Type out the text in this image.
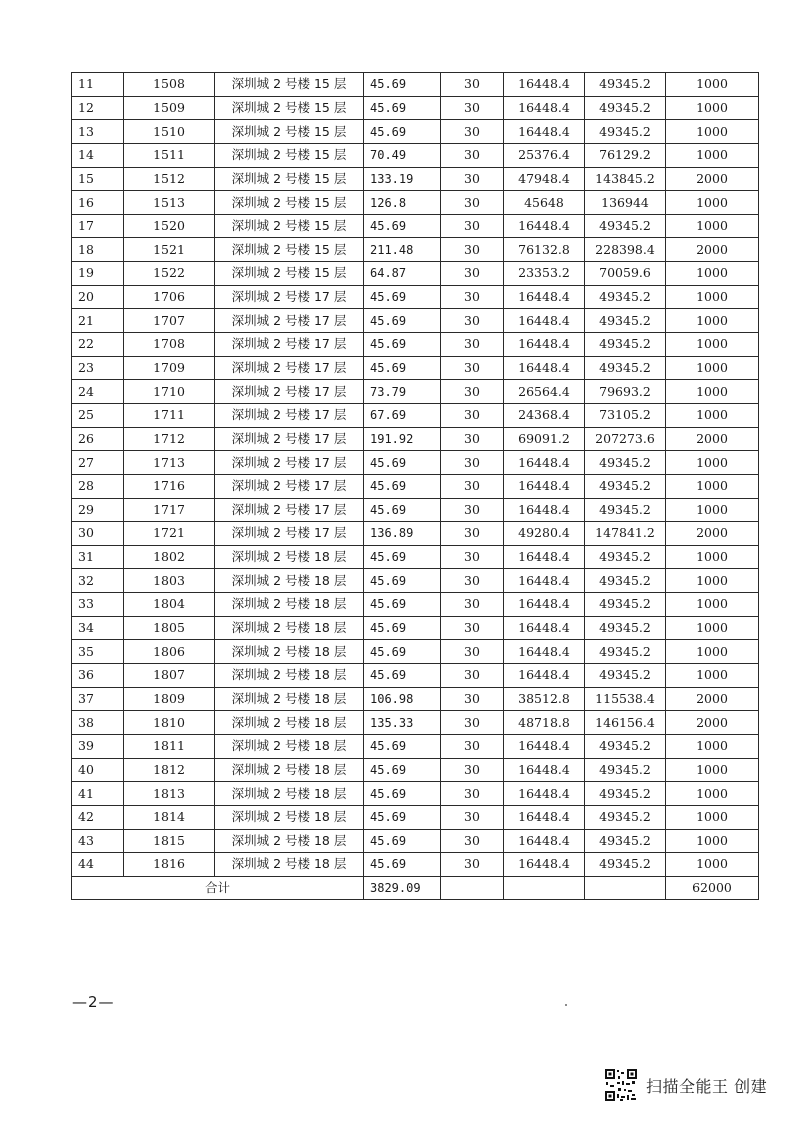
11	1508	深圳城 2 号楼 15 层	45.69	30	16448.4	49345.2	1000
12	1509	深圳城 2 号楼 15 层	45.69	30	16448.4	49345.2	1000
13	1510	深圳城 2 号楼 15 层	45.69	30	16448.4	49345.2	1000
14	1511	深圳城 2 号楼 15 层	70.49	30	25376.4	76129.2	1000
15	1512	深圳城 2 号楼 15 层	133.19	30	47948.4	143845.2	2000
16	1513	深圳城 2 号楼 15 层	126.8	30	45648	136944	1000
17	1520	深圳城 2 号楼 15 层	45.69	30	16448.4	49345.2	1000
18	1521	深圳城 2 号楼 15 层	211.48	30	76132.8	228398.4	2000
19	1522	深圳城 2 号楼 15 层	64.87	30	23353.2	70059.6	1000
20	1706	深圳城 2 号楼 17 层	45.69	30	16448.4	49345.2	1000
21	1707	深圳城 2 号楼 17 层	45.69	30	16448.4	49345.2	1000
22	1708	深圳城 2 号楼 17 层	45.69	30	16448.4	49345.2	1000
23	1709	深圳城 2 号楼 17 层	45.69	30	16448.4	49345.2	1000
24	1710	深圳城 2 号楼 17 层	73.79	30	26564.4	79693.2	1000
25	1711	深圳城 2 号楼 17 层	67.69	30	24368.4	73105.2	1000
26	1712	深圳城 2 号楼 17 层	191.92	30	69091.2	207273.6	2000
27	1713	深圳城 2 号楼 17 层	45.69	30	16448.4	49345.2	1000
28	1716	深圳城 2 号楼 17 层	45.69	30	16448.4	49345.2	1000
29	1717	深圳城 2 号楼 17 层	45.69	30	16448.4	49345.2	1000
30	1721	深圳城 2 号楼 17 层	136.89	30	49280.4	147841.2	2000
31	1802	深圳城 2 号楼 18 层	45.69	30	16448.4	49345.2	1000
32	1803	深圳城 2 号楼 18 层	45.69	30	16448.4	49345.2	1000
33	1804	深圳城 2 号楼 18 层	45.69	30	16448.4	49345.2	1000
34	1805	深圳城 2 号楼 18 层	45.69	30	16448.4	49345.2	1000
35	1806	深圳城 2 号楼 18 层	45.69	30	16448.4	49345.2	1000
36	1807	深圳城 2 号楼 18 层	45.69	30	16448.4	49345.2	1000
37	1809	深圳城 2 号楼 18 层	106.98	30	38512.8	115538.4	2000
38	1810	深圳城 2 号楼 18 层	135.33	30	48718.8	146156.4	2000
39	1811	深圳城 2 号楼 18 层	45.69	30	16448.4	49345.2	1000
40	1812	深圳城 2 号楼 18 层	45.69	30	16448.4	49345.2	1000
41	1813	深圳城 2 号楼 18 层	45.69	30	16448.4	49345.2	1000
42	1814	深圳城 2 号楼 18 层	45.69	30	16448.4	49345.2	1000
43	1815	深圳城 2 号楼 18 层	45.69	30	16448.4	49345.2	1000
44	1816	深圳城 2 号楼 18 层	45.69	30	16448.4	49345.2	1000
合计			3829.09				62000
—2—
扫描全能王 创建
